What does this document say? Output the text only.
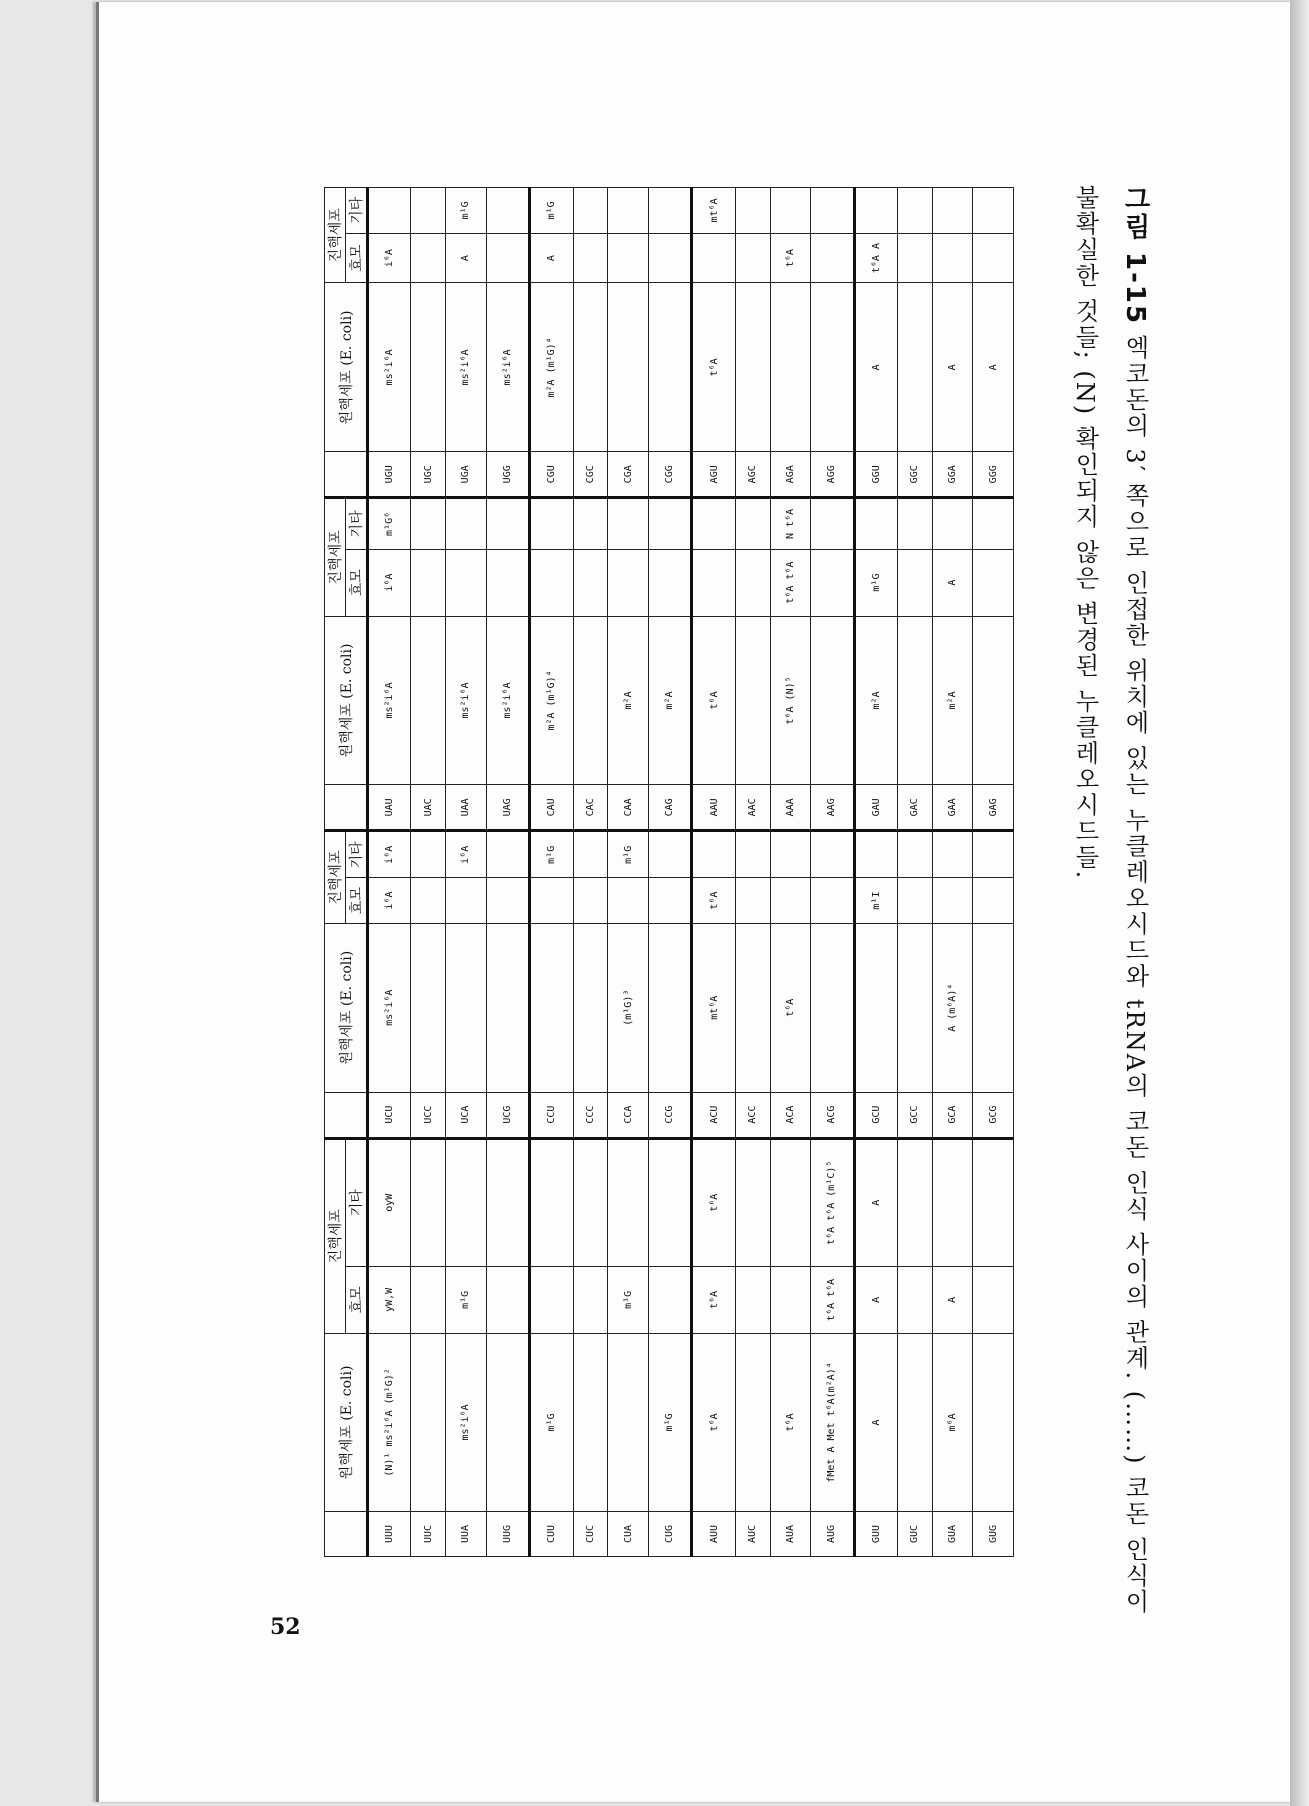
	원핵세포 (E. coli)	진핵세포			원핵세포 (E. coli)	진핵세포			원핵세포 (E. coli)	진핵세포			원핵세포 (E. coli)	진핵세포	
		효모	기타			효모	기타			효모	기타			효모	기타
UUU	(N)¹ ms²i⁶A (m¹G)²	yW,W	oyW	UCU	ms²i⁶A	i⁶A	i⁶A	UAU	ms²i⁶A	i⁶A	m¹G⁶	UGU	ms²i⁶A	i⁶A	
UUC				UCC				UAC				UGC			
UUA	ms²i⁶A	m¹G		UCA			i⁶A	UAA	ms²i⁶A			UGA	ms²i⁶A	A	m¹G
UUG				UCG				UAG	ms²i⁶A			UGG	ms²i⁶A		
CUU	m¹G			CCU			m¹G	CAU	m²A (m¹G)⁴			CGU	m²A (m¹G)⁴	A	m¹G
CUC				CCC				CAC				CGC			
CUA		m¹G		CCA	(m¹G)³		m¹G	CAA	m²A			CGA			
CUG	m¹G			CCG				CAG	m²A			CGG			
AUU	t⁶A	t⁶A	t⁶A	ACU	mt⁶A	t⁶A		AAU	t⁶A			AGU	t⁶A		mt⁶A
AUC				ACC				AAC				AGC			
AUA	t⁶A			ACA	t⁶A			AAA	t⁶A (N)⁵	t⁶A t⁶A	N t⁶A	AGA		t⁶A	
AUG	fMet A Met t⁶A(m²A)⁴	t⁶A t⁶A	t⁶A t⁶A (m¹C)⁵	ACG				AAG				AGG			
GUU	A	A	A	GCU		m¹I		GAU	m²A	m¹G		GGU	A	t⁶A A	
GUC				GCC				GAC				GGC			
GUA	m⁶A	A		GCA	A (m⁶A)⁴			GAA	m²A	A		GGA	A		
GUG				GCG				GAG				GGG	A		
그림 1-15 엑코돈의 3′ 쪽으로 인접한 위치에 있는 누클레오시드와 tRNA의 코돈 인식 사이의 관계. (……) 코돈 인식이 불확실한 것들; (N) 확인되지 않은 변경된 누클레오시드들.
52
